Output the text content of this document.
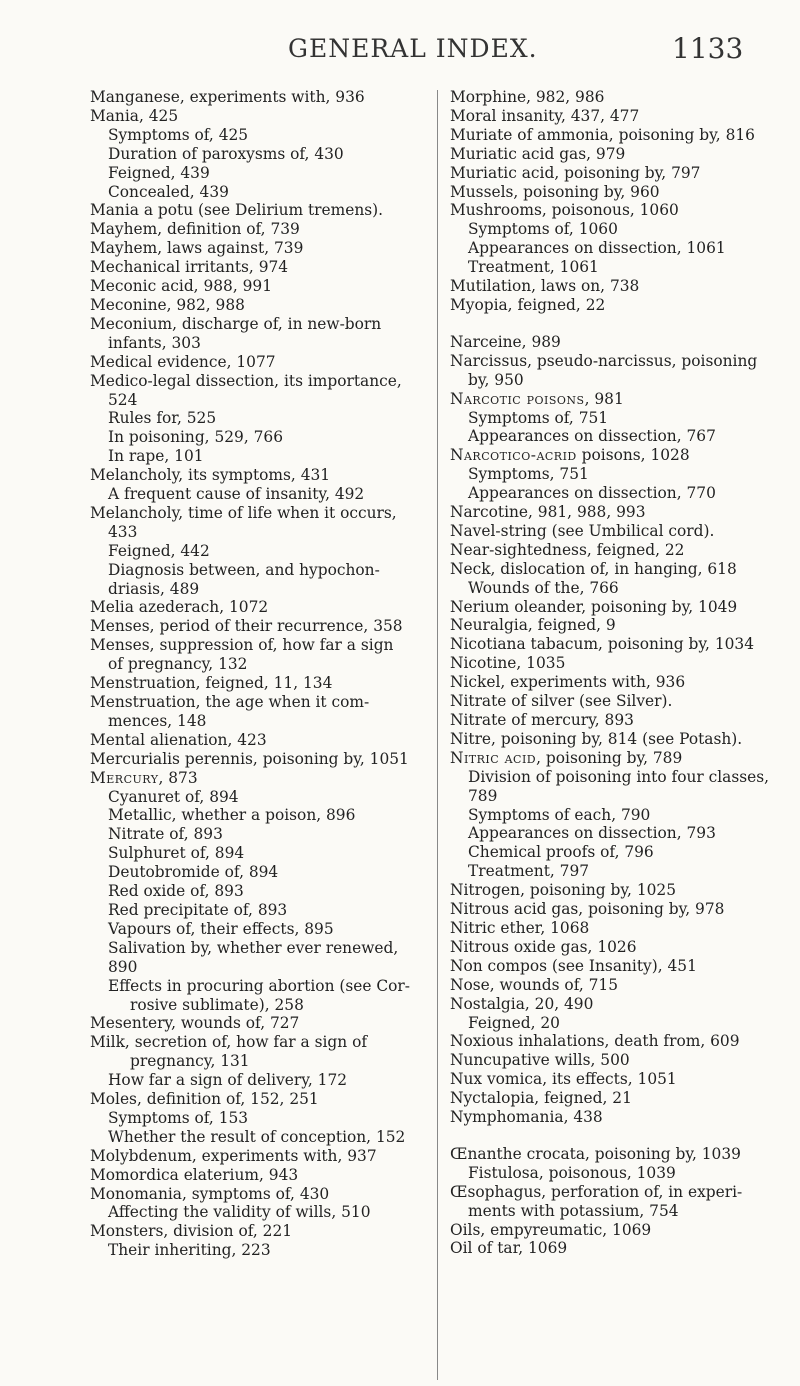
GENERAL INDEX.	1133
Manganese, experiments with, 936
Mania, 425
Symptoms of, 425
Duration of paroxysms of, 430
Feigned, 439
Concealed, 439
Mania a potu (see Delirium tremens).
Mayhem, definition of, 739
Mayhem, laws against, 739
Mechanical irritants, 974
Meconic acid, 988, 991
Meconine, 982, 988
Meconium, discharge of, in new-born
infants, 303
Medical evidence, 1077
Medico-legal dissection, its importance,
524
Rules for, 525
In poisoning, 529, 766
In rape, 101
Melancholy, its symptoms, 431
A frequent cause of insanity, 492
Melancholy, time of life when it occurs,
433
Feigned, 442
Diagnosis between, and hypochon-
driasis, 489
Melia azederach, 1072
Menses, period of their recurrence, 358
Menses, suppression of, how far a sign
of pregnancy, 132
Menstruation, feigned, 11, 134
Menstruation, the age when it com-
mences, 148
Mental alienation, 423
Mercurialis perennis, poisoning by, 1051
Mercury, 873
Cyanuret of, 894
Metallic, whether a poison, 896
Nitrate of, 893
Sulphuret of, 894
Deutobromide of, 894
Red oxide of, 893
Red precipitate of, 893
Vapours of, their effects, 895
Salivation by, whether ever renewed,
890
Effects in procuring abortion (see Cor-
rosive sublimate), 258
Mesentery, wounds of, 727
Milk, secretion of, how far a sign of
pregnancy, 131
How far a sign of delivery, 172
Moles, definition of, 152, 251
Symptoms of, 153
Whether the result of conception, 152
Molybdenum, experiments with, 937
Momordica elaterium, 943
Monomania, symptoms of, 430
Affecting the validity of wills, 510
Monsters, division of, 221
Their inheriting, 223
Morphine, 982, 986
Moral insanity, 437, 477
Muriate of ammonia, poisoning by, 816
Muriatic acid gas, 979
Muriatic acid, poisoning by, 797
Mussels, poisoning by, 960
Mushrooms, poisonous, 1060
Symptoms of, 1060
Appearances on dissection, 1061
Treatment, 1061
Mutilation, laws on, 738
Myopia, feigned, 22
Narceine, 989
Narcissus, pseudo-narcissus, poisoning
by, 950
Narcotic poisons, 981
Symptoms of, 751
Appearances on dissection, 767
Narcotico-acrid poisons, 1028
Symptoms, 751
Appearances on dissection, 770
Narcotine, 981, 988, 993
Navel-string (see Umbilical cord).
Near-sightedness, feigned, 22
Neck, dislocation of, in hanging, 618
Wounds of the, 766
Nerium oleander, poisoning by, 1049
Neuralgia, feigned, 9
Nicotiana tabacum, poisoning by, 1034
Nicotine, 1035
Nickel, experiments with, 936
Nitrate of silver (see Silver).
Nitrate of mercury, 893
Nitre, poisoning by, 814 (see Potash).
Nitric acid, poisoning by, 789
Division of poisoning into four classes,
789
Symptoms of each, 790
Appearances on dissection, 793
Chemical proofs of, 796
Treatment, 797
Nitrogen, poisoning by, 1025
Nitrous acid gas, poisoning by, 978
Nitric ether, 1068
Nitrous oxide gas, 1026
Non compos (see Insanity), 451
Nose, wounds of, 715
Nostalgia, 20, 490
Feigned, 20
Noxious inhalations, death from, 609
Nuncupative wills, 500
Nux vomica, its effects, 1051
Nyctalopia, feigned, 21
Nymphomania, 438
Œnanthe crocata, poisoning by, 1039
Fistulosa, poisonous, 1039
Œsophagus, perforation of, in experi-
ments with potassium, 754
Oils, empyreumatic, 1069
Oil of tar, 1069
